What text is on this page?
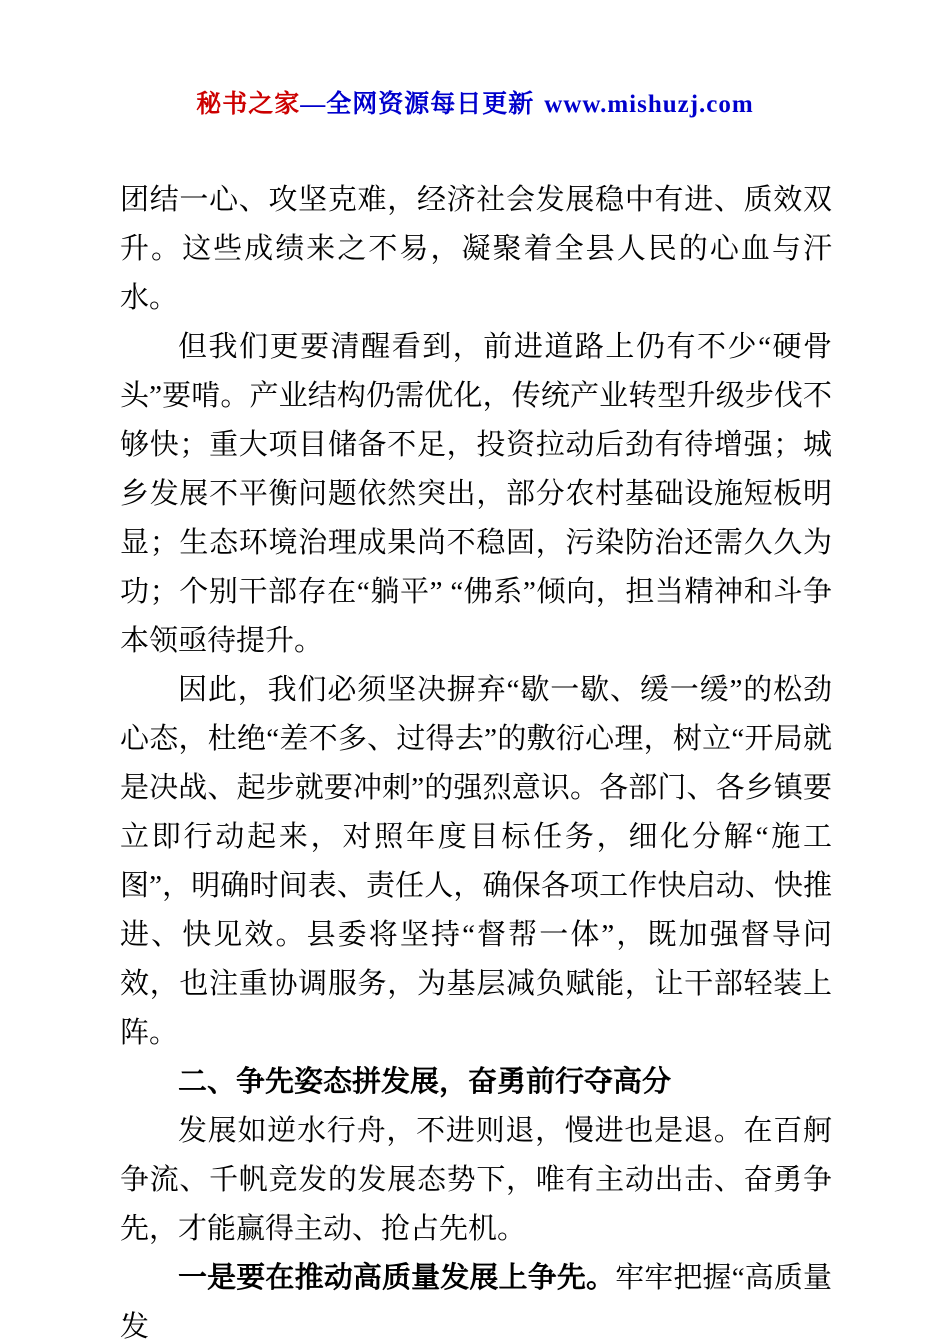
秘书之家—全网资源每日更新 www.mishuzj.com

团结一心、攻坚克难，经济社会发展稳中有进、质效双升。这些成绩来之不易，凝聚着全县人民的心血与汗水。

但我们更要清醒看到，前进道路上仍有不少“硬骨头”要啃。产业结构仍需优化，传统产业转型升级步伐不够快；重大项目储备不足，投资拉动后劲有待增强；城乡发展不平衡问题依然突出，部分农村基础设施短板明显；生态环境治理成果尚不稳固，污染防治还需久久为功；个别干部存在“躺平” “佛系”倾向，担当精神和斗争本领亟待提升。

因此，我们必须坚决摒弃“歇一歇、缓一缓”的松劲心态，杜绝“差不多、过得去”的敷衍心理，树立“开局就是决战、起步就要冲刺”的强烈意识。各部门、各乡镇要立即行动起来，对照年度目标任务，细化分解“施工图”，明确时间表、责任人，确保各项工作快启动、快推进、快见效。县委将坚持“督帮一体”，既加强督导问效，也注重协调服务，为基层减负赋能，让干部轻装上阵。

二、争先姿态拼发展，奋勇前行夺高分

发展如逆水行舟，不进则退，慢进也是退。在百舸争流、千帆竞发的发展态势下，唯有主动出击、奋勇争先，才能赢得主动、抢占先机。

一是要在推动高质量发展上争先。牢牢把握“高质量发
